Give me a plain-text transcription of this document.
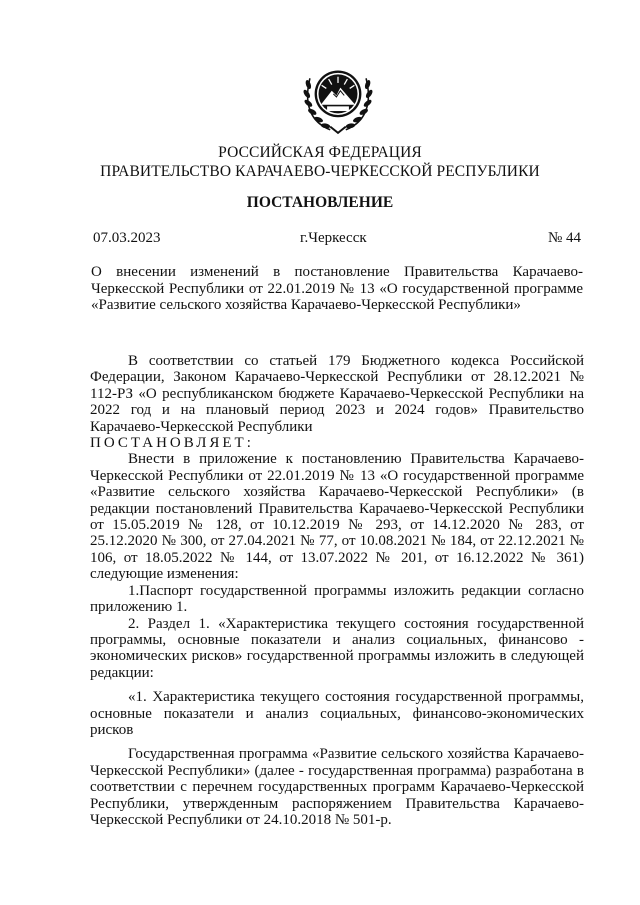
РОССИЙСКАЯ ФЕДЕРАЦИЯ
ПРАВИТЕЛЬСТВО КАРАЧАЕВО-ЧЕРКЕССКОЙ РЕСПУБЛИКИ
ПОСТАНОВЛЕНИЕ
07.03.2023	г.Черкесск	№ 44
О внесении изменений в постановление Правительства Карачаево-Черкесской Республики от 22.01.2019 № 13 «О государственной программе «Развитие сельского хозяйства Карачаево-Черкесской Республики»

В соответствии со статьей 179 Бюджетного кодекса Российской Федерации, Законом Карачаево-Черкесской Республики от 28.12.2021 № 112-РЗ «О республиканском бюджете Карачаево-Черкесской Республики на 2022 год и на плановый период 2023 и 2024 годов» Правительство Карачаево-Черкесской Республики

ПОСТАНОВЛЯЕТ:

Внести в приложение к постановлению Правительства Карачаево-Черкесской Республики от 22.01.2019 № 13 «О государственной программе «Развитие сельского хозяйства Карачаево-Черкесской Республики» (в редакции постановлений Правительства Карачаево-Черкесской Республики от 15.05.2019 № 128, от 10.12.2019 № 293, от 14.12.2020 № 283, от 25.12.2020 № 300, от 27.04.2021 № 77, от 10.08.2021 № 184, от 22.12.2021 № 106, от 18.05.2022 № 144, от 13.07.2022 № 201, от 16.12.2022 № 361) следующие изменения:

1.Паспорт государственной программы изложить редакции согласно приложению 1.

2. Раздел 1. «Характеристика текущего состояния государственной программы, основные показатели и анализ социальных, финансово - экономических рисков» государственной программы изложить в следующей редакции:

«1. Характеристика текущего состояния государственной программы, основные показатели и анализ социальных, финансово-экономических рисков

Государственная программа «Развитие сельского хозяйства Карачаево-Черкесской Республики» (далее - государственная программа) разработана в соответствии с перечнем государственных программ Карачаево-Черкесской Республики, утвержденным распоряжением Правительства Карачаево-Черкесской Республики от 24.10.2018 № 501-р.
